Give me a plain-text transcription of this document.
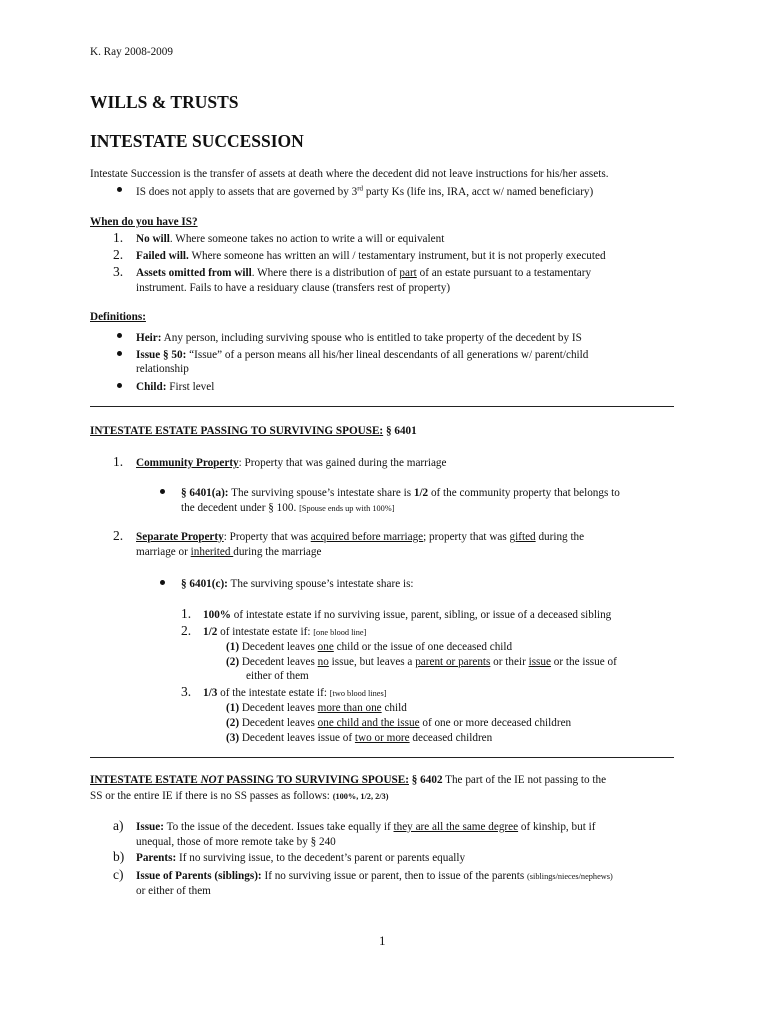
K. Ray 2008-2009
WILLS & TRUSTS
INTESTATE SUCCESSION
Intestate Succession is the transfer of assets at death where the decedent did not leave instructions for his/her assets.
IS does not apply to assets that are governed by 3rd party Ks (life ins, IRA, acct w/ named beneficiary)
When do you have IS?
1. No will. Where someone takes no action to write a will or equivalent
2. Failed will. Where someone has written an will / testamentary instrument, but it is not properly executed
3. Assets omitted from will. Where there is a distribution of part of an estate pursuant to a testamentary
instrument. Fails to have a residuary clause (transfers rest of property)
Definitions:
Heir: Any person, including surviving spouse who is entitled to take property of the decedent by IS
Issue § 50: “Issue” of a person means all his/her lineal descendants of all generations w/ parent/child
relationship
Child: First level
INTESTATE ESTATE PASSING TO SURVIVING SPOUSE: § 6401
1. Community Property: Property that was gained during the marriage
§ 6401(a): The surviving spouse’s intestate share is 1/2 of the community property that belongs to
the decedent under § 100. [Spouse ends up with 100%]
2. Separate Property: Property that was acquired before marriage; property that was gifted during the
marriage or inherited during the marriage
§ 6401(c): The surviving spouse’s intestate share is:
1. 100% of intestate estate if no surviving issue, parent, sibling, or issue of a deceased sibling
2. 1/2 of intestate estate if: [one blood line]
(1) Decedent leaves one child or the issue of one deceased child
(2) Decedent leaves no issue, but leaves a parent or parents or their issue or the issue of
either of them
3. 1/3 of the intestate estate if: [two blood lines]
(1) Decedent leaves more than one child
(2) Decedent leaves one child and the issue of one or more deceased children
(3) Decedent leaves issue of two or more deceased children
INTESTATE ESTATE NOT PASSING TO SURVIVING SPOUSE: § 6402 The part of the IE not passing to the
SS or the entire IE if there is no SS passes as follows: (100%, 1/2, 2/3)
a) Issue: To the issue of the decedent. Issues take equally if they are all the same degree of kinship, but if
unequal, those of more remote take by § 240
b) Parents: If no surviving issue, to the decedent’s parent or parents equally
c) Issue of Parents (siblings): If no surviving issue or parent, then to issue of the parents (siblings/nieces/nephews)
or either of them
1
